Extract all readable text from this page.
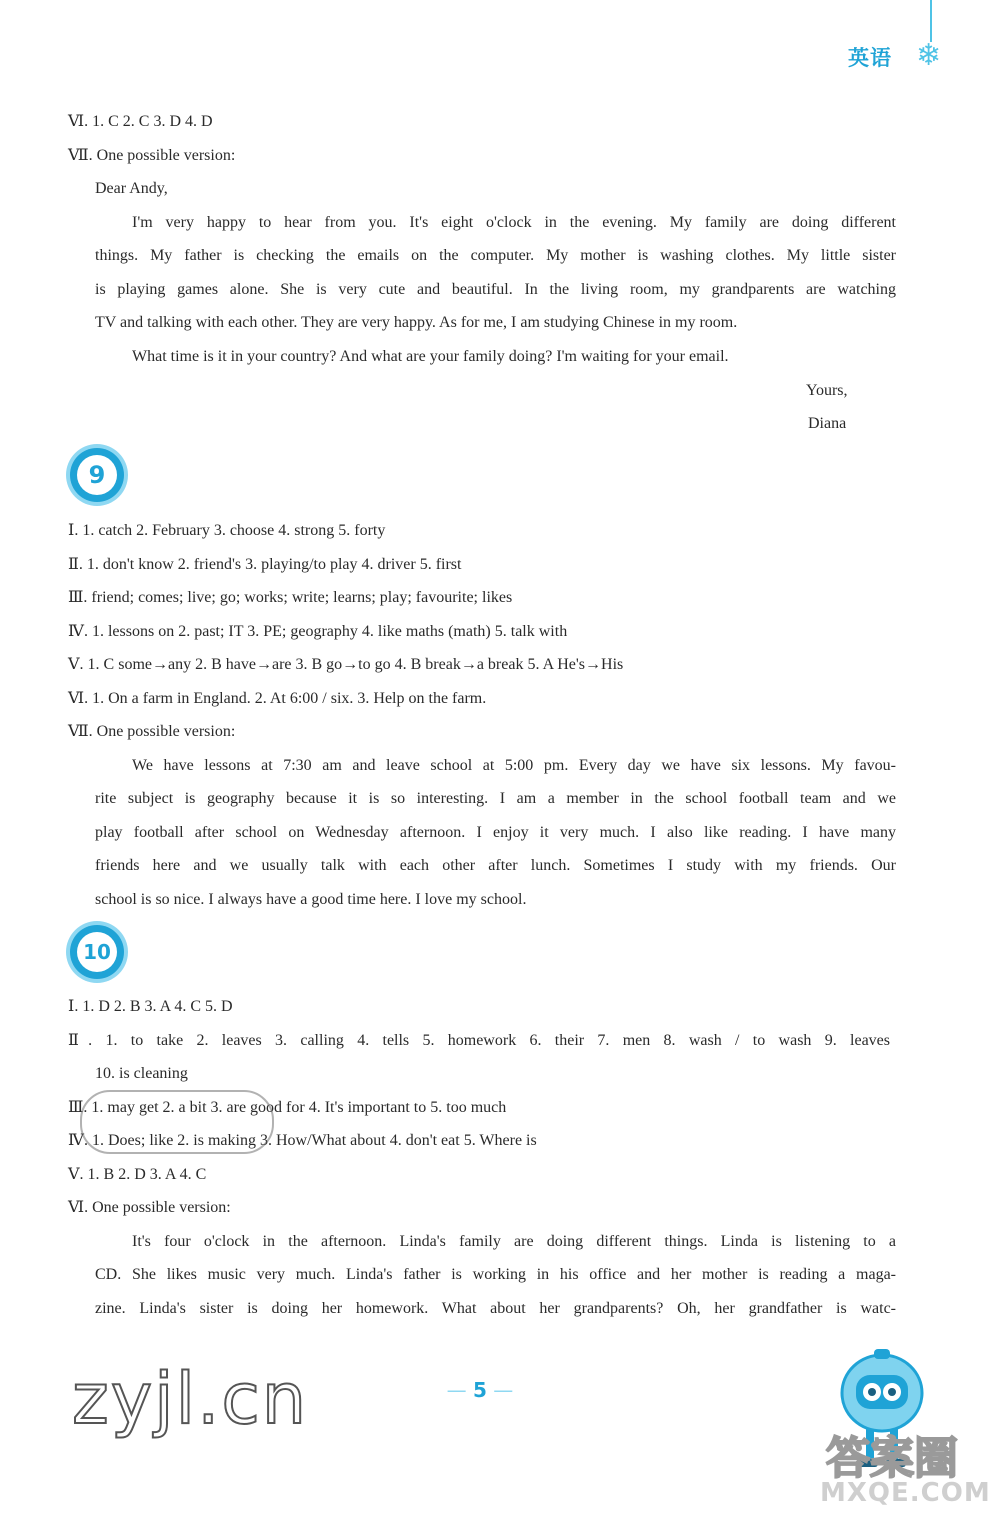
英语 ❄
Ⅵ. 1. C 2. C 3. D 4. D
Ⅶ. One possible version:
Dear Andy,
I'm very happy to hear from you. It's eight o'clock in the evening. My family are doing different
things. My father is checking the emails on the computer. My mother is washing clothes. My little sister
is playing games alone. She is very cute and beautiful. In the living room, my grandparents are watching
TV and talking with each other. They are very happy. As for me, I am studying Chinese in my room.
What time is it in your country? And what are your family doing? I'm waiting for your email.
Yours,
Diana
9
Ⅰ. 1. catch 2. February 3. choose 4. strong 5. forty
Ⅱ. 1. don't know 2. friend's 3. playing/to play 4. driver 5. first
Ⅲ. friend; comes; live; go; works; write; learns; play; favourite; likes
Ⅳ. 1. lessons on 2. past; IT 3. PE; geography 4. like maths (math) 5. talk with
Ⅴ. 1. C some→any 2. B have→are 3. B go→to go 4. B break→a break 5. A He's→His
Ⅵ. 1. On a farm in England. 2. At 6:00 / six. 3. Help on the farm.
Ⅶ. One possible version:
We have lessons at 7:30 am and leave school at 5:00 pm. Every day we have six lessons. My favou-
rite subject is geography because it is so interesting. I am a member in the school football team and we
play football after school on Wednesday afternoon. I enjoy it very much. I also like reading. I have many
friends here and we usually talk with each other after lunch. Sometimes I study with my friends. Our
school is so nice. I always have a good time here. I love my school.
10
Ⅰ. 1. D 2. B 3. A 4. C 5. D
Ⅱ. 1. to take 2. leaves 3. calling 4. tells 5. homework 6. their 7. men 8. wash / to wash 9. leaves
10. is cleaning
Ⅲ. 1. may get 2. a bit 3. are good for 4. It's important to 5. too much
Ⅳ. 1. Does; like 2. is making 3. How/What about 4. don't eat 5. Where is
Ⅴ. 1. B 2. D 3. A 4. C
Ⅵ. One possible version:
It's four o'clock in the afternoon. Linda's family are doing different things. Linda is listening to a
CD. She likes music very much. Linda's father is working in his office and her mother is reading a maga-
zine. Linda's sister is doing her homework. What about her grandparents? Oh, her grandfather is watc-
zyjl.cn	— 5 —
答案圈
MXQE.COM
